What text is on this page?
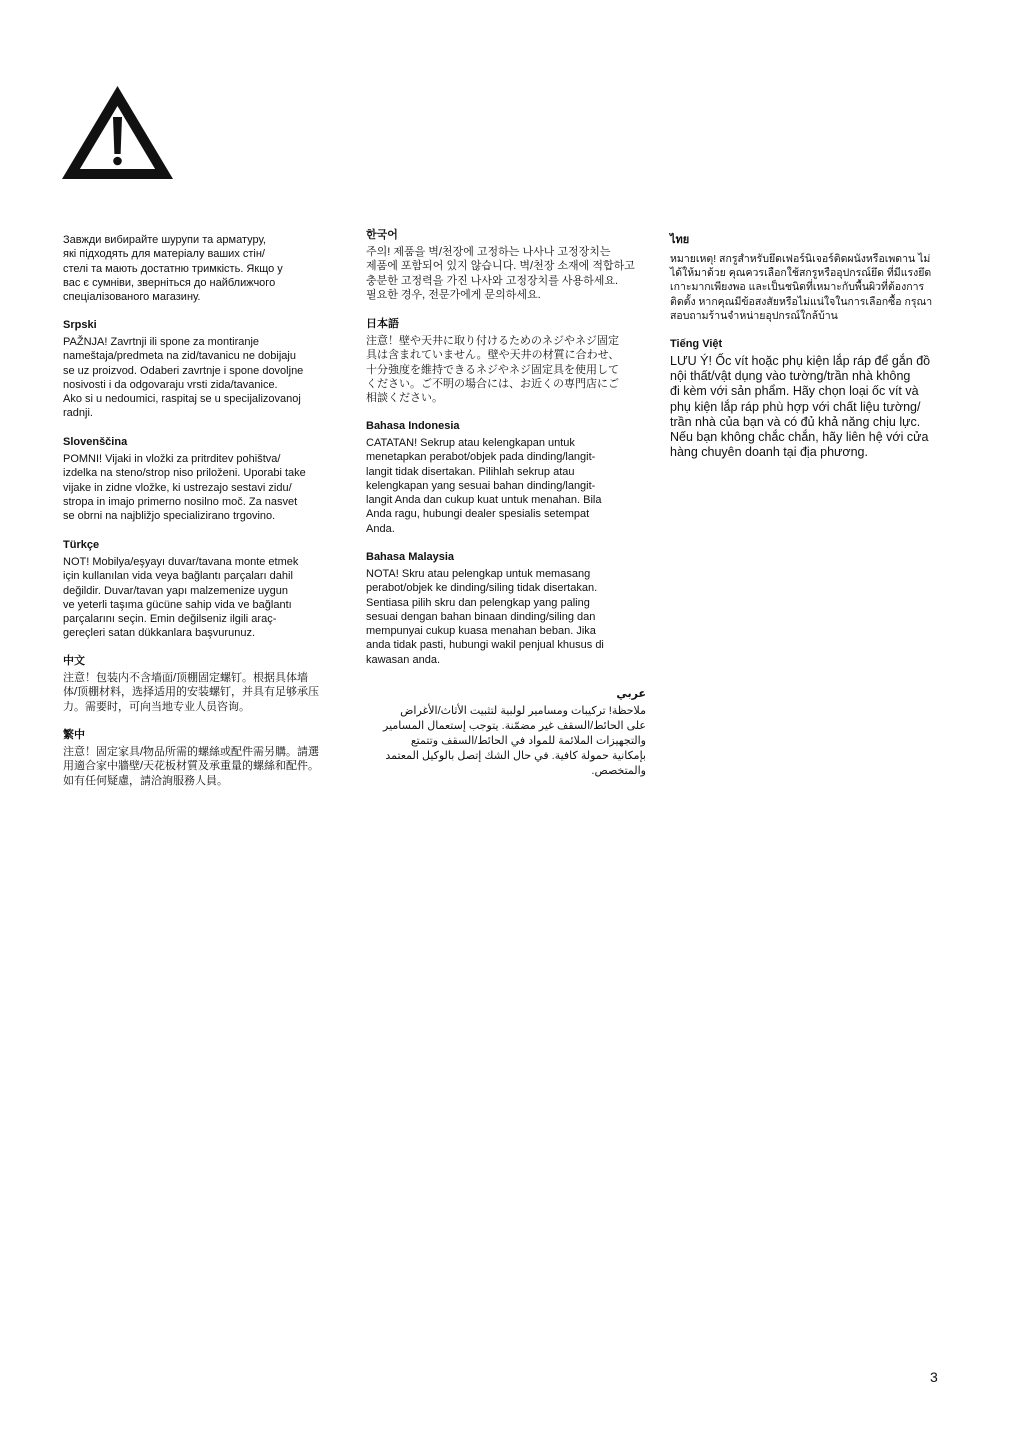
Завжди вибирайте шурупи та арматуру,
які підходять для матеріалу ваших стін/
стелі та мають достатню тримкість. Якщо у
вас є сумніви, зверніться до найближчого
спеціалізованого магазину.
Srpski
PAŽNJA! Zavrtnji ili spone za montiranje
nameštaja/predmeta na zid/tavanicu ne dobijaju
se uz proizvod. Odaberi zavrtnje i spone dovoljne
nosivosti i da odgovaraju vrsti zida/tavanice.
Ako si u nedoumici, raspitaj se u specijalizovanoj
radnji.
Slovenščina
POMNI! Vijaki in vložki za pritrditev pohištva/
izdelka na steno/strop niso priloženi. Uporabi take
vijake in zidne vložke, ki ustrezajo sestavi zidu/
stropa in imajo primerno nosilno moč. Za nasvet
se obrni na najbližjo specializirano trgovino.
Türkçe
NOT! Mobilya/eşyayı duvar/tavana monte etmek
için kullanılan vida veya bağlantı parçaları dahil
değildir. Duvar/tavan yapı malzemenize uygun
ve yeterli taşıma gücüne sahip vida ve bağlantı
parçalarını seçin. Emin değilseniz ilgili araç-
gereçleri satan dükkanlara başvurunuz.
中文
注意！包装内不含墙面/顶棚固定螺钉。根据具体墙
体/顶棚材料，选择适用的安装螺钉，并具有足够承压
力。需要时，可向当地专业人员咨询。
繁中
注意！固定家具/物品所需的螺絲或配件需另購。請選
用適合家中牆壁/天花板材質及承重量的螺絲和配件。
如有任何疑慮，請洽詢服務人員。
한국어
주의! 제품을 벽/천장에 고정하는 나사나 고정장치는
제품에 포함되어 있지 않습니다. 벽/천장 소재에 적합하고
충분한 고정력을 가진 나사와 고정장치를 사용하세요.
필요한 경우, 전문가에게 문의하세요.
日本語
注意！壁や天井に取り付けるためのネジやネジ固定
具は含まれていません。壁や天井の材質に合わせ、
十分強度を維持できるネジやネジ固定具を使用して
ください。ご不明の場合には、お近くの専門店にご
相談ください。
Bahasa Indonesia
CATATAN! Sekrup atau kelengkapan untuk
menetapkan perabot/objek pada dinding/langit-
langit tidak disertakan. Pilihlah sekrup atau
kelengkapan yang sesuai bahan dinding/langit-
langit Anda dan cukup kuat untuk menahan. Bila
Anda ragu, hubungi dealer spesialis setempat
Anda.
Bahasa Malaysia
NOTA! Skru atau pelengkap untuk memasang
perabot/objek ke dinding/siling tidak disertakan.
Sentiasa pilih skru dan pelengkap yang paling
sesuai dengan bahan binaan dinding/siling dan
mempunyai cukup kuasa menahan beban. Jika
anda tidak pasti, hubungi wakil penjual khusus di
kawasan anda.
عربي
ملاحظة! تركيبات ومسامير لولبية لتثبيت الأثاث/الأغراض
على الحائط/السقف غير مضمّنة. يتوجب إستعمال المسامير
والتجهيزات الملائمة للمواد في الحائط/السقف وتتمتع
بإمكانية حمولة كافية. في حال الشك إتصل بالوكيل المعتمد
والمتخصص.
ไทย
หมายเหตุ! สกรูสำหรับยึดเฟอร์นิเจอร์ติดผนังหรือเพดาน ไม่
ได้ให้มาด้วย คุณควรเลือกใช้สกรูหรืออุปกรณ์ยึด ที่มีแรงยึด
เกาะมากเพียงพอ และเป็นชนิดที่เหมาะกับพื้นผิวที่ต้องการ
ติดตั้ง หากคุณมีข้อสงสัยหรือไม่แน่ใจในการเลือกซื้อ กรุณา
สอบถามร้านจำหน่ายอุปกรณ์ใกล้บ้าน
Tiếng Việt
LƯU Ý! Ốc vít hoặc phụ kiện lắp ráp để gắn đồ
nội thất/vật dụng vào tường/trần nhà không
đi kèm với sản phẩm. Hãy chọn loại ốc vít và
phụ kiện lắp ráp phù hợp với chất liệu tường/
trần nhà của bạn và có đủ khả năng chịu lực.
Nếu bạn không chắc chắn, hãy liên hệ với cửa
hàng chuyên doanh tại địa phương.
3
